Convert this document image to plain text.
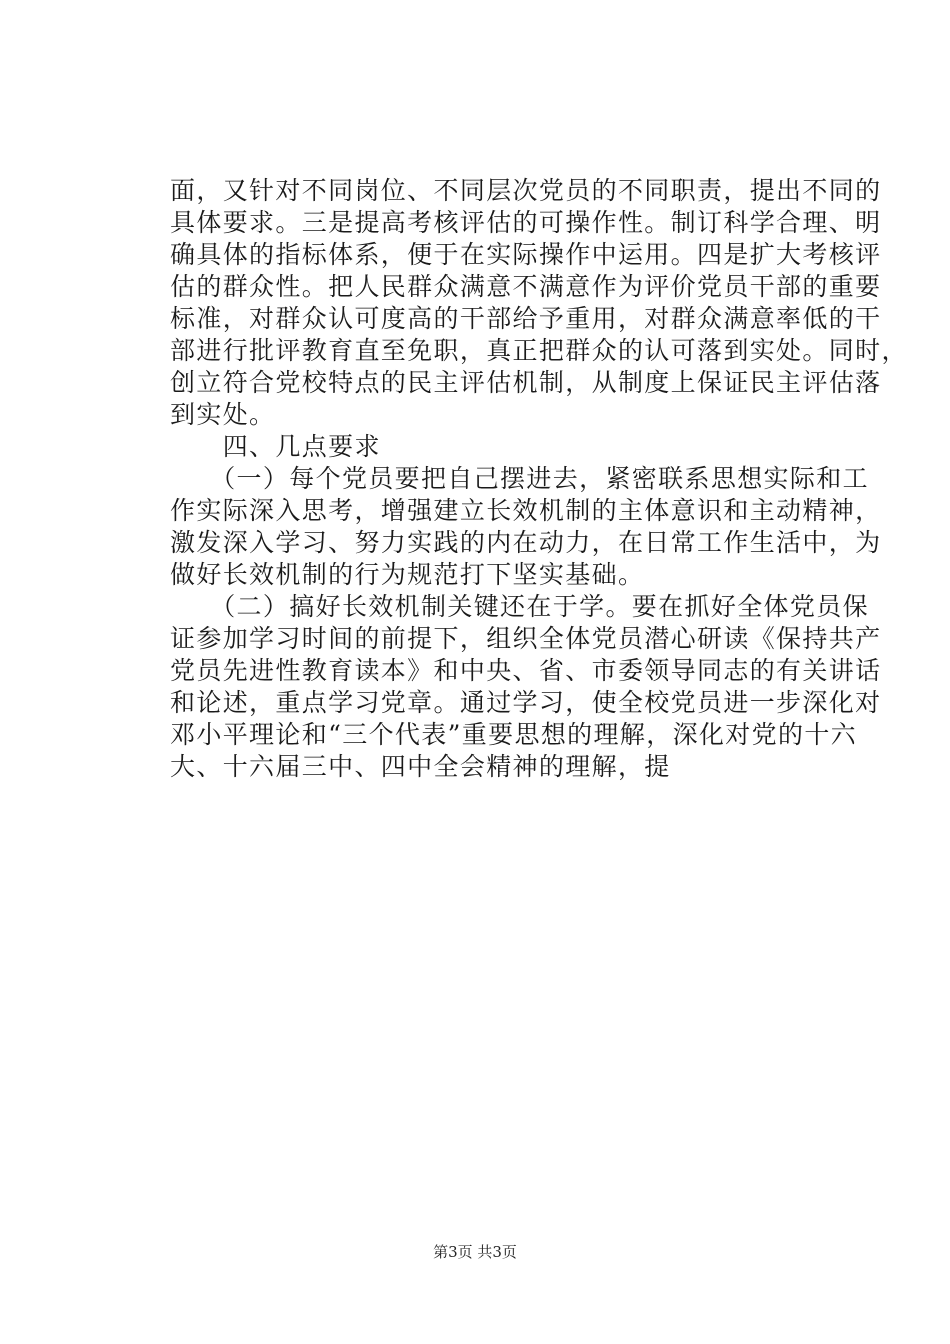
面，又针对不同岗位、不同层次党员的不同职责，提出不同的
具体要求。三是提高考核评估的可操作性。制订科学合理、明
确具体的指标体系，便于在实际操作中运用。四是扩大考核评
估的群众性。把人民群众满意不满意作为评价党员干部的重要
标准，对群众认可度高的干部给予重用，对群众满意率低的干
部进行批评教育直至免职，真正把群众的认可落到实处。同时，
创立符合党校特点的民主评估机制，从制度上保证民主评估落
到实处。
　　四、几点要求
　　（一）每个党员要把自己摆进去，紧密联系思想实际和工
作实际深入思考，增强建立长效机制的主体意识和主动精神，
激发深入学习、努力实践的内在动力，在日常工作生活中，为
做好长效机制的行为规范打下坚实基础。
　　（二）搞好长效机制关键还在于学。要在抓好全体党员保
证参加学习时间的前提下，组织全体党员潜心研读《保持共产
党员先进性教育读本》和中央、省、市委领导同志的有关讲话
和论述，重点学习党章。通过学习，使全校党员进一步深化对
邓小平理论和“三个代表”重要思想的理解，深化对党的十六
大、十六届三中、四中全会精神的理解，提
第3页 共3页
